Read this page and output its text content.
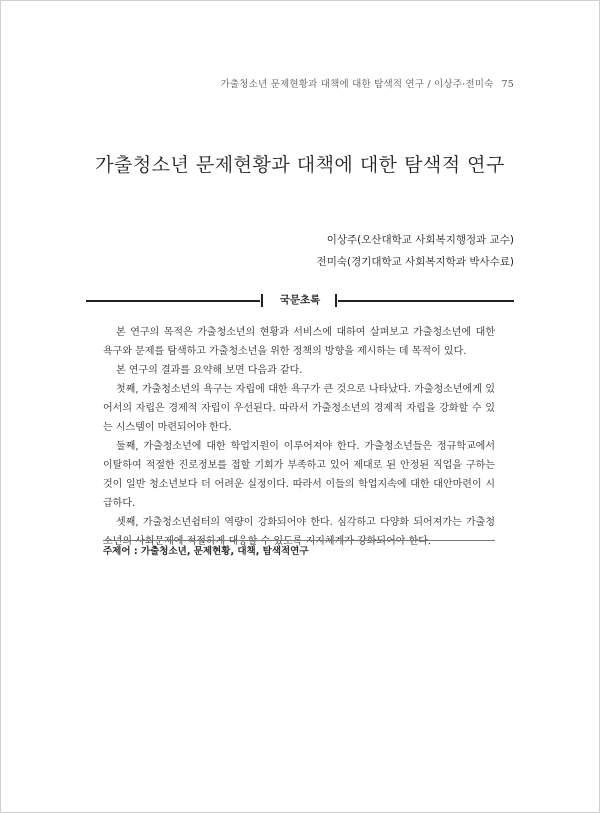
가출청소년 문제현황과 대책에 대한 탐색적 연구 / 이상주·전미숙 75
가출청소년 문제현황과 대책에 대한 탐색적 연구
이상주(오산대학교 사회복지행정과 교수)
전미숙(경기대학교 사회복지학과 박사수료)
국문초록

본 연구의 목적은 가출청소년의 현황과 서비스에 대하여 살펴보고 가출청소년에 대한 욕구와 문제를 탐색하고 가출청소년을 위한 정책의 방향을 제시하는 데 목적이 있다.

본 연구의 결과를 요약해 보면 다음과 같다.

첫째, 가출청소년의 욕구는 자립에 대한 욕구가 큰 것으로 나타났다. 가출청소년에게 있어서의 자립은 경제적 자립이 우선된다. 따라서 가출청소년의 경제적 자립을 강화할 수 있는 시스템이 마련되어야 한다.

둘째, 가출청소년에 대한 학업지원이 이루어져야 한다. 가출청소년들은 정규학교에서 이탈하여 적절한 진로정보를 접할 기회가 부족하고 있어 제대로 된 안정된 직업을 구하는 것이 일반 청소년보다 더 어려운 실정이다. 따라서 이들의 학업지속에 대한 대안마련이 시급하다.

셋째, 가출청소년쉼터의 역량이 강화되어야 한다. 심각하고 다양화 되어져가는 가출청소년의 사회문제에 적절하게 대응할 수 있도록 지지체계가 강화되어야 한다.

주제어 : 가출청소년, 문제현황, 대책, 탐색적연구
